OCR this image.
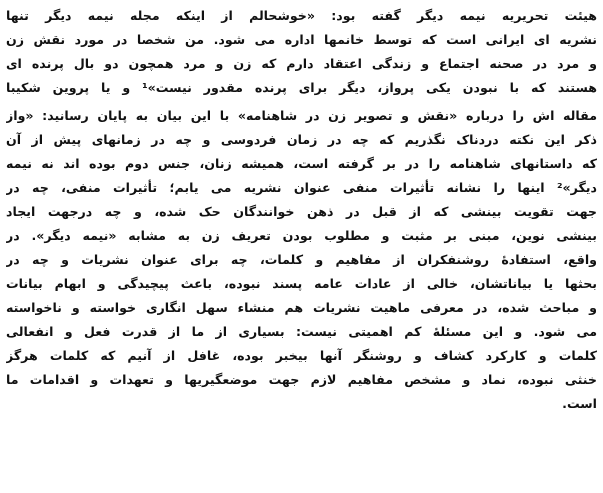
هیئت تحریریه نیمه دیگر گفته بود: «خوشحالم از اینکه مجله نیمه دیگر تنها
نشریه ای ایرانی است که توسط خانمها اداره می شود. من شخصا در مورد نقش زن
و مرد در صحنه اجتماع و زندگی اعتقاد دارم که زن و مرد همچون دو بال پرنده ای
هستند که با نبودن یکی پرواز، دیگر برای پرنده مقدور نیست»¹ و یا پروین شکیبا
مقاله اش را درباره «نقش و تصویر زن در شاهنامه» با این بیان به پایان رسانید: «واز
ذکر این نکته دردناک نگذریم که چه در زمان فردوسی و چه در زمانهای پیش از آن
که داستانهای شاهنامه را در بر گرفته است، همیشه زنان، جنس دوم بوده اند نه نیمه
دیگر»² اینها را نشانه تأثیرات منفی عنوان نشریه می یابم؛ تأثیرات منفی، چه در
جهت تقویت بینشی که از قبل در ذهن خوانندگان حک شده، و چه درجهت ایجاد
بینشی نوین، مبنی بر مثبت و مطلوب بودن تعریف زن به مشابه «نیمه دیگر». در
واقع، استفادهٔ روشنفکران از مفاهیم و کلمات، چه برای عنوان نشریات و چه در
بحثها یا بیاناتشان، خالی از عادات عامه پسند نبوده، باعث پیچیدگی و ابهام بیانات
و مباحث شده، در معرفی ماهیت نشریات هم منشاء سهل انگاری خواسته و ناخواسته
می شود. و این مسئلهٔ کم اهمیتی نیست: بسیاری از ما از قدرت فعل و انفعالی
کلمات و کارکرد کشاف و روشنگر آنها بیخبر بوده، غافل از آنیم که کلمات هرگز
خنثی نبوده، نماد و مشخص مفاهیم لازم جهت موضعگیریها و تعهدات و اقدامات ما
است.
